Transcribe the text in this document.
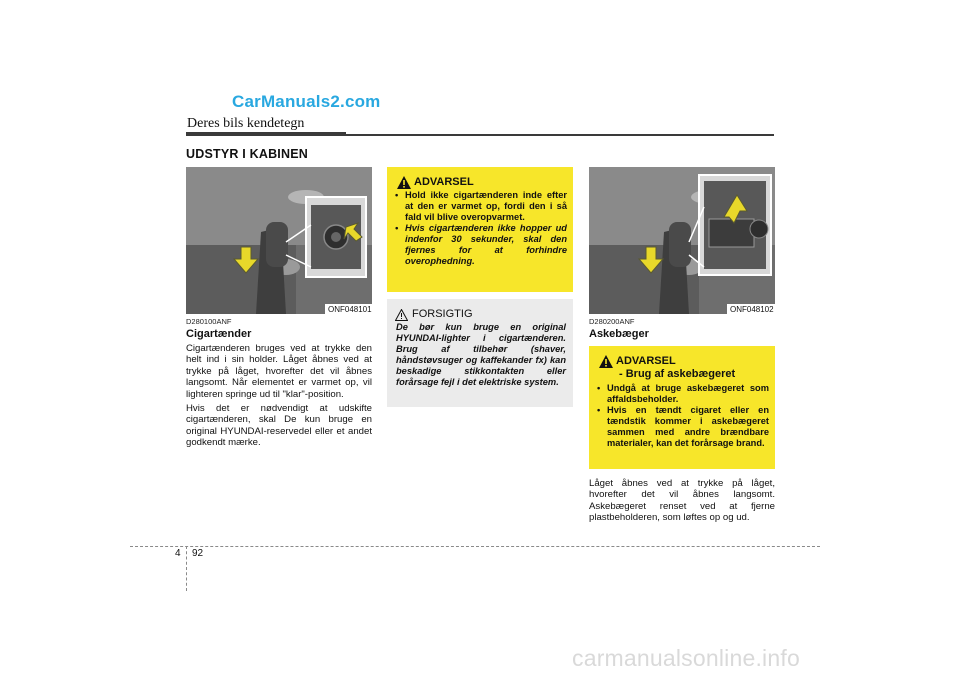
CarManuals2.com
Deres bils kendetegn
UDSTYR I KABINEN
ONF048101
D280100ANF
Cigartænder

Cigartænderen bruges ved at trykke den helt ind i sin holder. Låget åbnes ved at trykke på låget, hvorefter det vil åbnes langsomt. Når elementet er varmet op, vil lighteren springe ud til "klar"-position.

Hvis det er nødvendigt at udskifte cigartænderen, skal De kun bruge en original HYUNDAI-reservedel eller et andet godkendt mærke.

ADVARSEL
• Hold ikke cigartænderen inde efter at den er varmet op, fordi den i så fald vil blive overopvarmet.
• Hvis cigartænderen ikke hopper ud indenfor 30 sekunder, skal den fjernes for at forhindre overophedning.
FORSIGTIG
De bør kun bruge en original HYUNDAI-lighter i cigartænderen. Brug af tilbehør (shaver, håndstøvsuger og kaffekander fx) kan beskadige stikkontakten eller forårsage fejl i det elektriske system.
ONF048102
D280200ANF
Askebæger
ADVARSEL
- Brug af askebægeret
• Undgå at bruge askebægeret som affaldsbeholder.
• Hvis en tændt cigaret eller en tændstik kommer i askebægeret sammen med andre brændbare materialer, kan det forårsage brand.

Låget åbnes ved at trykke på låget, hvorefter det vil åbnes langsomt. Askebægeret renset ved at fjerne plastbeholderen, som løftes op og ud.

4 92
carmanualsonline.info
